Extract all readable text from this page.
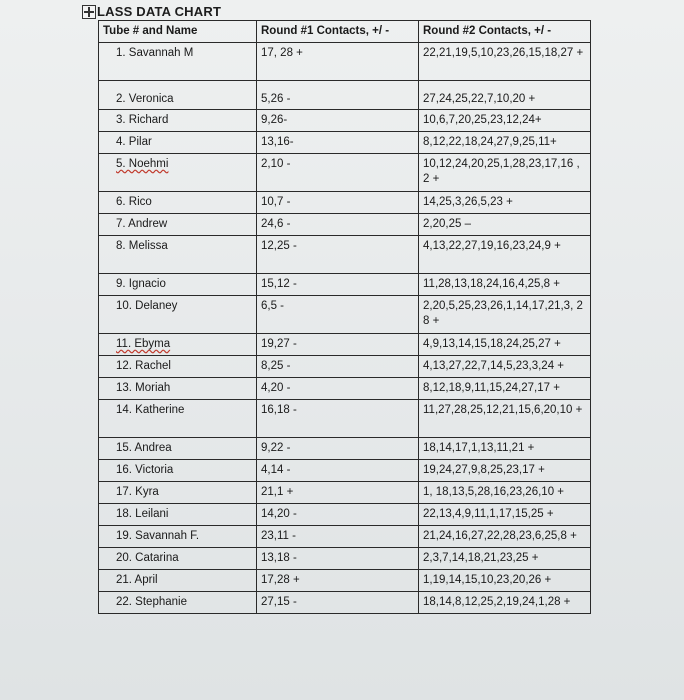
LASS DATA CHART
Tube # and Name	Round #1 Contacts, +/ -	Round #2 Contacts, +/ -
1. Savannah M	17, 28 +	22,21,19,5,10,23,26,15,18,27 +
2. Veronica	5,26 -	27,24,25,22,7,10,20 +
3. Richard	9,26-	10,6,7,20,25,23,12,24+
4. Pilar	13,16-	8,12,22,18,24,27,9,25,11+
5. Noehmi	2,10 -	10,12,24,20,25,1,28,23,17,16 ,2 +
6. Rico	10,7 -	14,25,3,26,5,23 +
7. Andrew	24,6 -	2,20,25 –
8. Melissa	12,25 -	4,13,22,27,19,16,23,24,9 +
9. Ignacio	15,12 -	11,28,13,18,24,16,4,25,8 +
10. Delaney	6,5 -	2,20,5,25,23,26,1,14,17,21,3, 28 +
11. Ebyma	19,27 -	4,9,13,14,15,18,24,25,27 +
12. Rachel	8,25 -	4,13,27,22,7,14,5,23,3,24 +
13. Moriah	4,20 -	8,12,18,9,11,15,24,27,17 +
14. Katherine	16,18 -	11,27,28,25,12,21,15,6,20,10 +
15. Andrea	9,22 -	18,14,17,1,13,11,21 +
16. Victoria	4,14 -	19,24,27,9,8,25,23,17 +
17. Kyra	21,1 +	1, 18,13,5,28,16,23,26,10 +
18. Leilani	14,20 -	22,13,4,9,11,1,17,15,25 +
19. Savannah F.	23,11 -	21,24,16,27,22,28,23,6,25,8 +
20. Catarina	13,18 -	2,3,7,14,18,21,23,25 +
21. April	17,28 +	1,19,14,15,10,23,20,26 +
22. Stephanie	27,15 -	18,14,8,12,25,2,19,24,1,28 +
